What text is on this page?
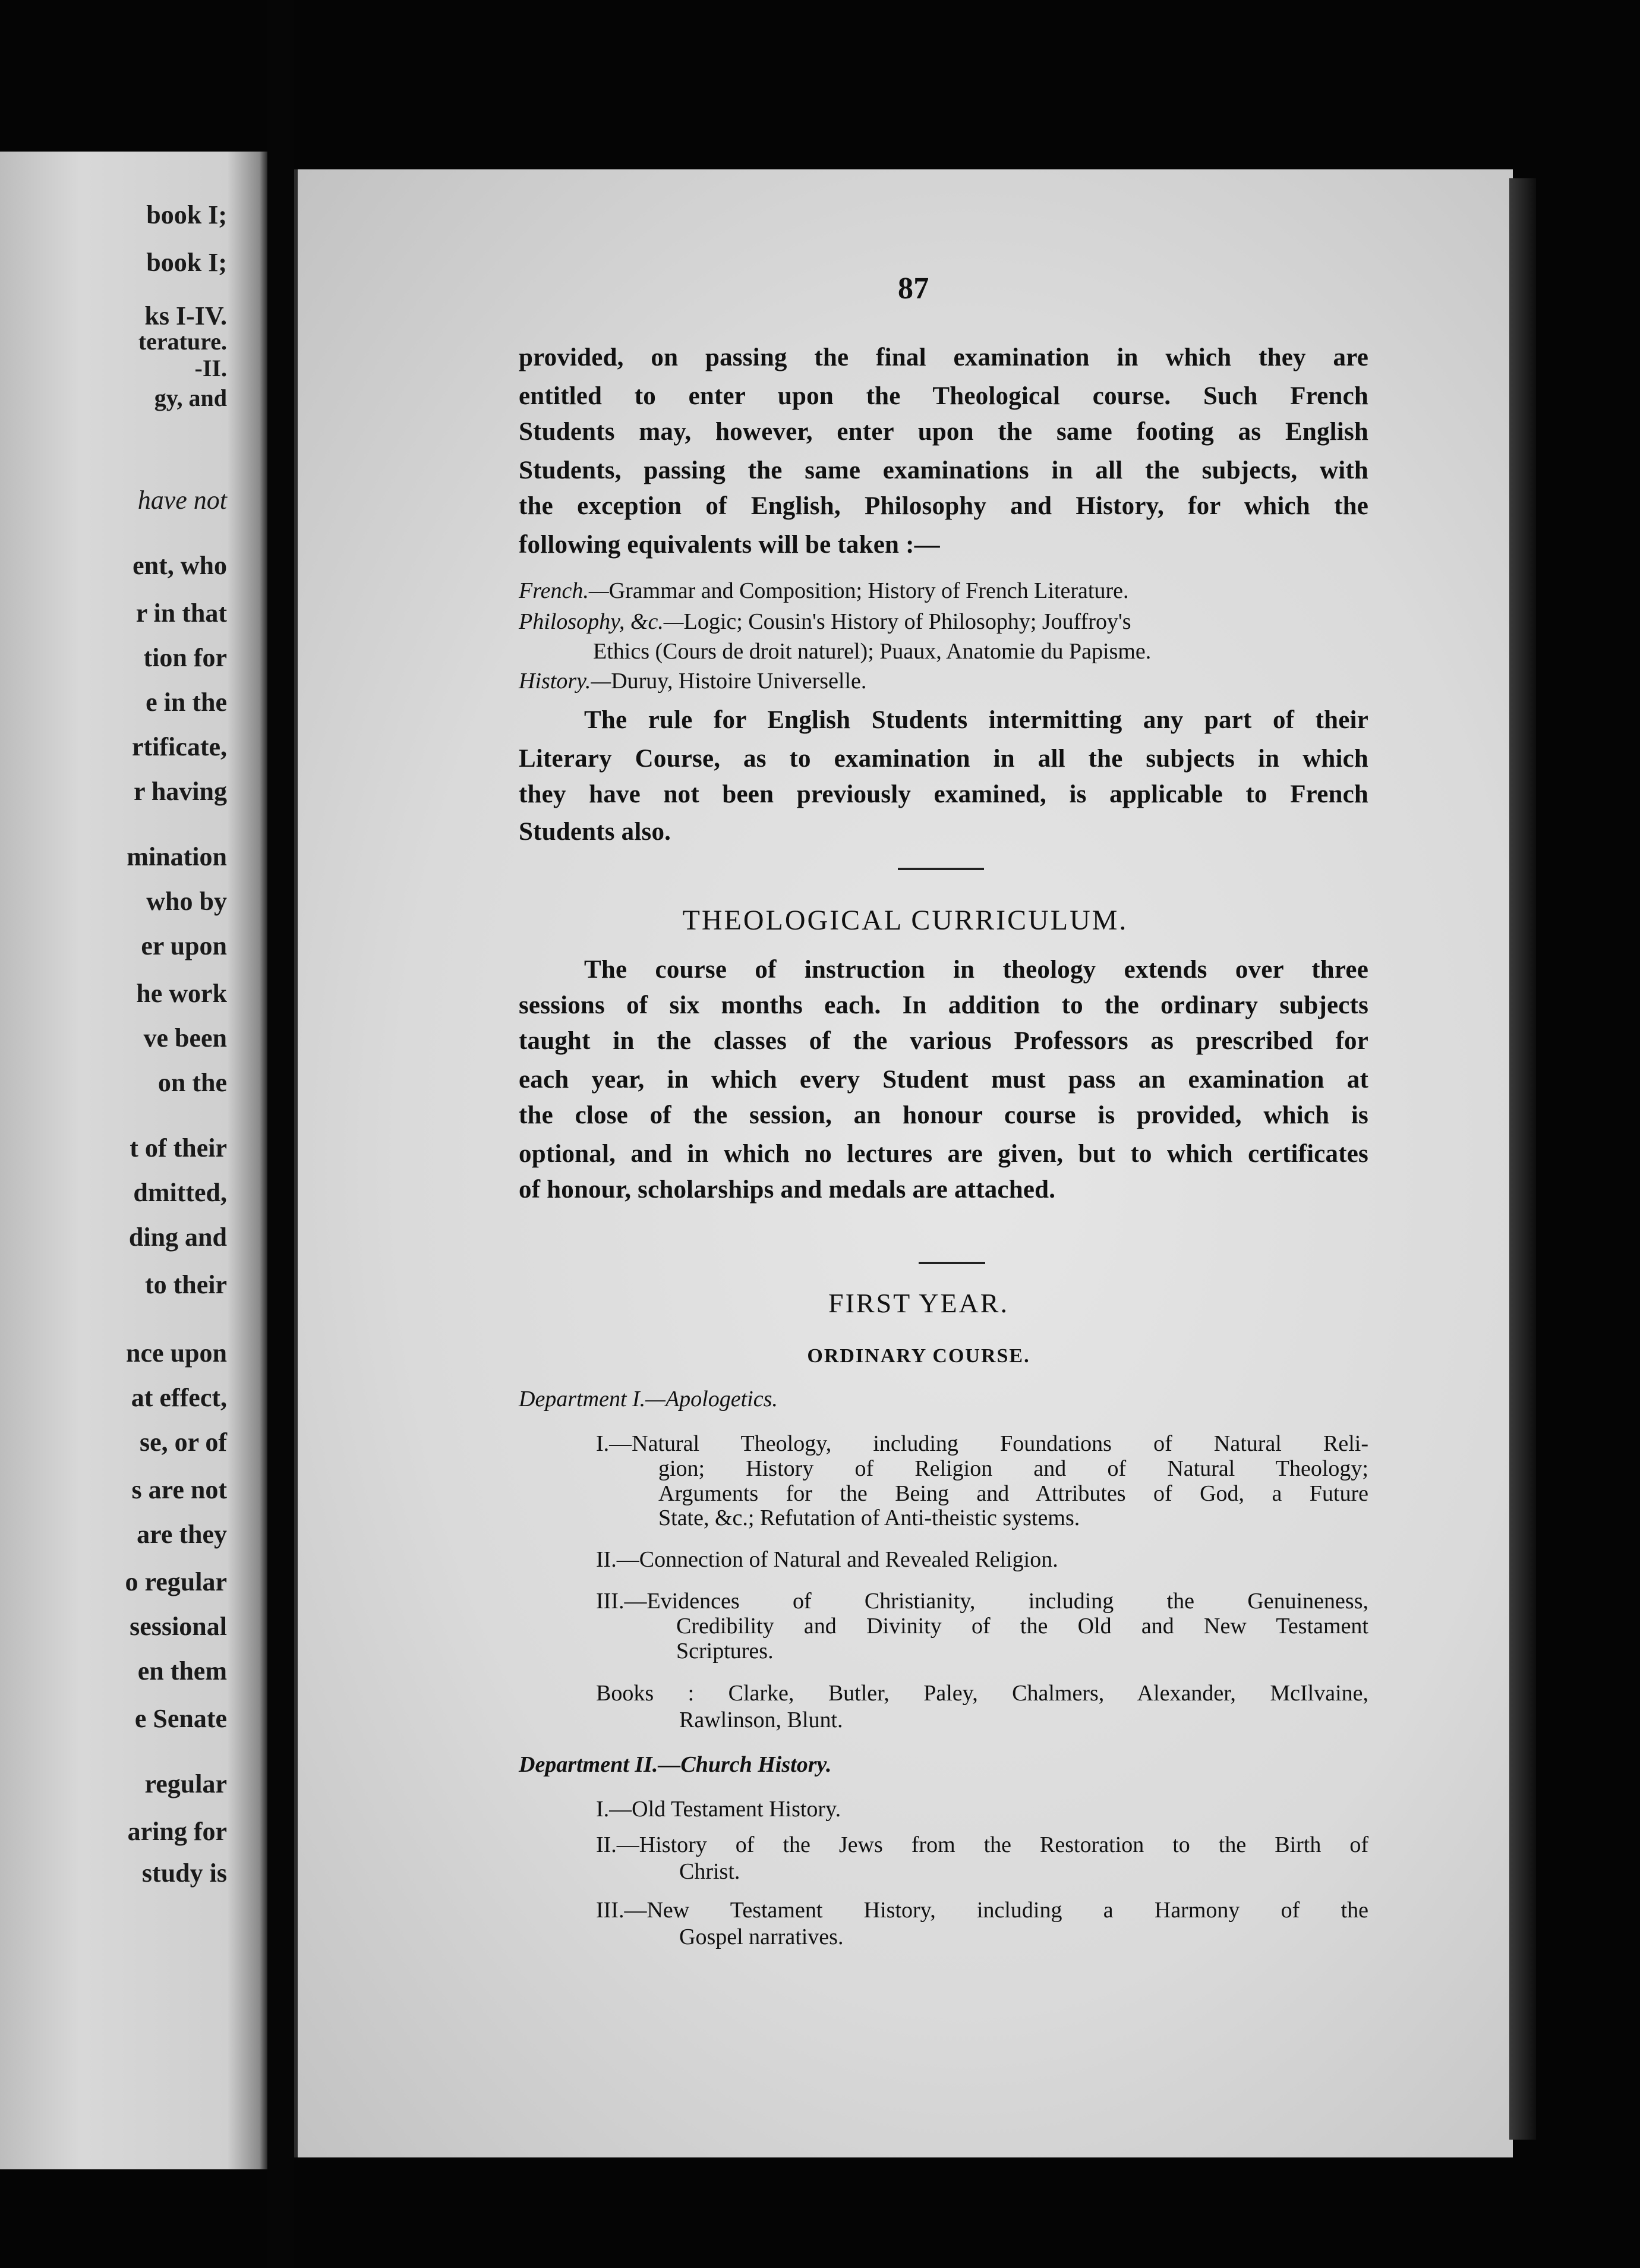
book I;
book I;
ks I-IV.
terature.
-II.
gy, and
have not
ent, who
r in that
tion for
e in the
rtificate,
r having
mination
who by
er upon
he work
ve been
on the
t of their
dmitted,
ding and
to their
nce upon
at effect,
se, or of
s are not
are they
o regular
sessional
en them
e Senate
regular
aring for
study is
87
provided, on passing the final examination in which they are
entitled to enter upon the Theological course. Such French
Students may, however, enter upon the same footing as English
Students, passing the same examinations in all the subjects, with
the exception of English, Philosophy and History, for which the
following equivalents will be taken :—
French.—Grammar and Composition; History of French Literature.
Philosophy, &c.—Logic; Cousin's History of Philosophy; Jouffroy's
Ethics (Cours de droit naturel); Puaux, Anatomie du Papisme.
History.—Duruy, Histoire Universelle.
The rule for English Students intermitting any part of their
Literary Course, as to examination in all the subjects in which
they have not been previously examined, is applicable to French
Students also.
THEOLOGICAL CURRICULUM.
The course of instruction in theology extends over three
sessions of six months each. In addition to the ordinary subjects
taught in the classes of the various Professors as prescribed for
each year, in which every Student must pass an examination at
the close of the session, an honour course is provided, which is
optional, and in which no lectures are given, but to which certificates
of honour, scholarships and medals are attached.
FIRST YEAR.
ORDINARY COURSE.
Department I.—Apologetics.
I.—Natural Theology, including Foundations of Natural Reli-
gion; History of Religion and of Natural Theology;
Arguments for the Being and Attributes of God, a Future
State, &c.; Refutation of Anti-theistic systems.
II.—Connection of Natural and Revealed Religion.
III.—Evidences of Christianity, including the Genuineness,
Credibility and Divinity of the Old and New Testament
Scriptures.
Books : Clarke, Butler, Paley, Chalmers, Alexander, McIlvaine,
Rawlinson, Blunt.
Department II.—Church History.
I.—Old Testament History.
II.—History of the Jews from the Restoration to the Birth of
Christ.
III.—New Testament History, including a Harmony of the
Gospel narratives.
